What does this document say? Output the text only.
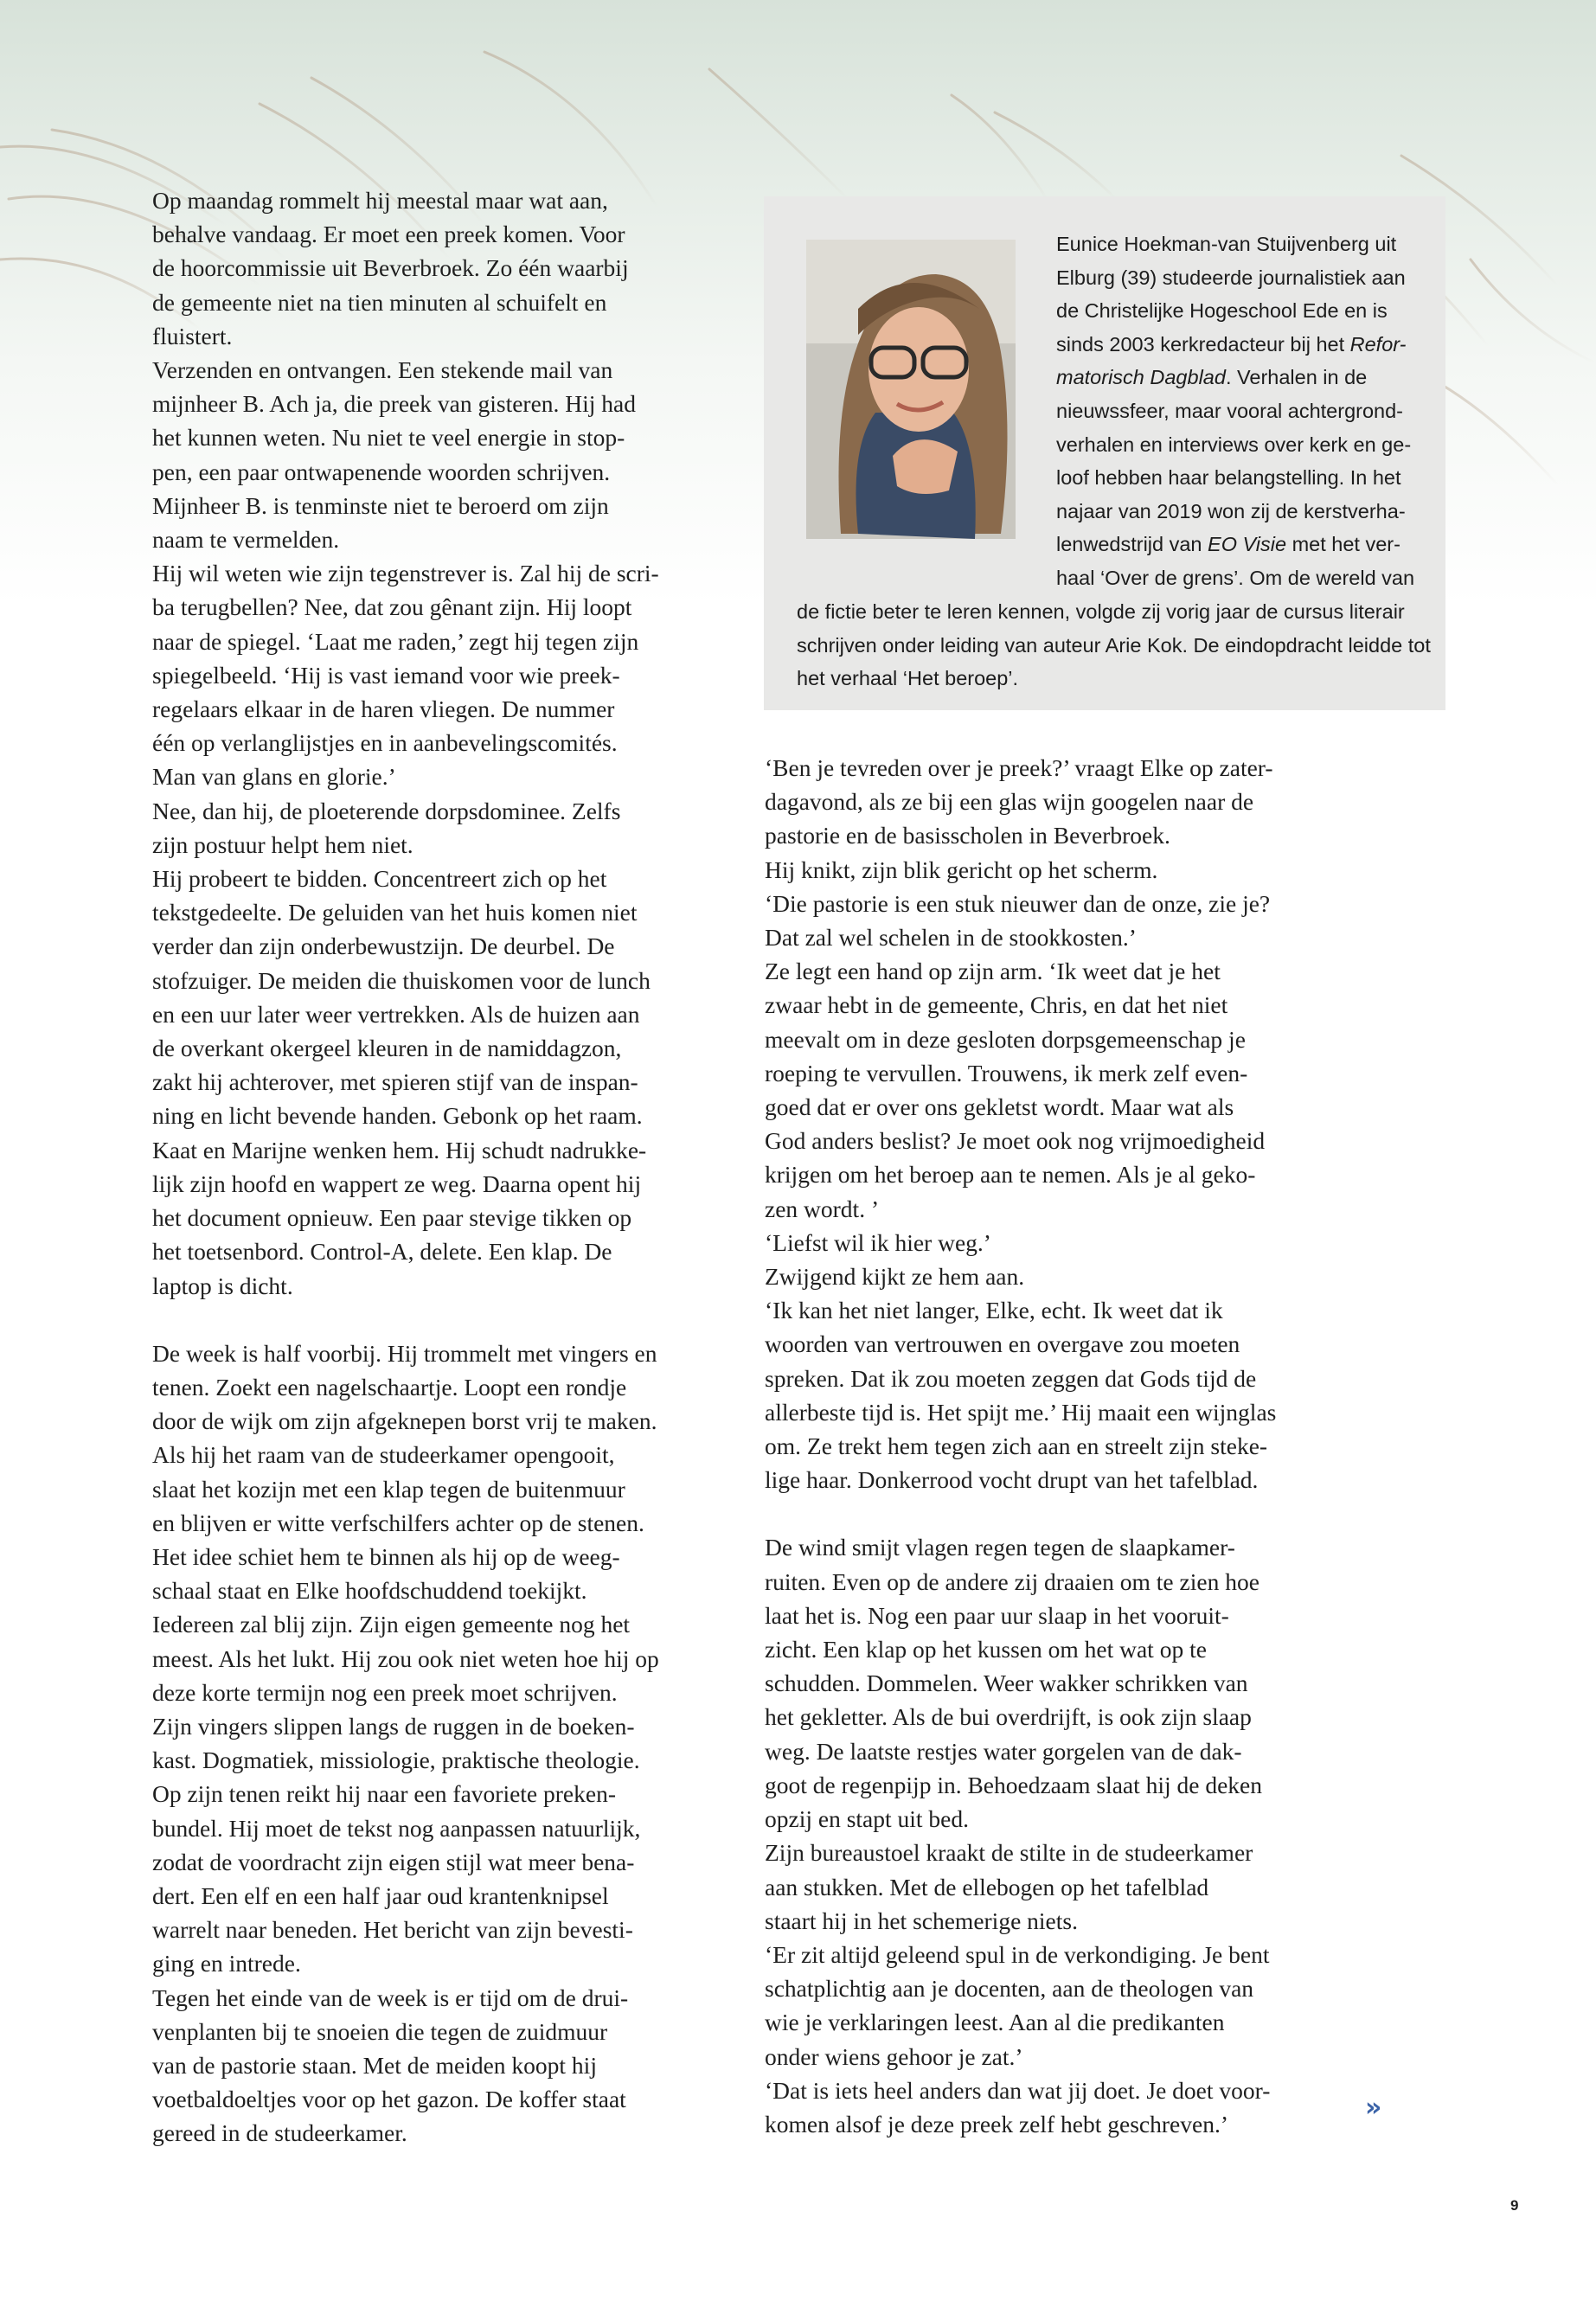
Op maandag rommelt hij meestal maar wat aan,
behalve vandaag. Er moet een preek komen. Voor
de hoorcommissie uit Beverbroek. Zo één waarbij
de gemeente niet na tien minuten al schuifelt en
fluistert.
Verzenden en ontvangen. Een stekende mail van
mijnheer B. Ach ja, die preek van gisteren. Hij had
het kunnen weten. Nu niet te veel energie in stop-
pen, een paar ontwapenende woorden schrijven.
Mijnheer B. is tenminste niet te beroerd om zijn
naam te vermelden.
Hij wil weten wie zijn tegenstrever is. Zal hij de scri-
ba terugbellen? Nee, dat zou gênant zijn. Hij loopt
naar de spiegel. ‘Laat me raden,’ zegt hij tegen zijn
spiegelbeeld. ‘Hij is vast iemand voor wie preek-
regelaars elkaar in de haren vliegen. De nummer
één op verlanglijstjes en in aanbevelingscomités.
Man van glans en glorie.’
Nee, dan hij, de ploeterende dorpsdominee. Zelfs
zijn postuur helpt hem niet.
Hij probeert te bidden. Concentreert zich op het
tekstgedeelte. De geluiden van het huis komen niet
verder dan zijn onderbewustzijn. De deurbel. De
stofzuiger. De meiden die thuiskomen voor de lunch
en een uur later weer vertrekken. Als de huizen aan
de overkant okergeel kleuren in de namiddagzon,
zakt hij achterover, met spieren stijf van de inspan-
ning en licht bevende handen. Gebonk op het raam.
Kaat en Marijne wenken hem. Hij schudt nadrukke-
lijk zijn hoofd en wappert ze weg. Daarna opent hij
het document opnieuw. Een paar stevige tikken op
het toetsenbord. Control-A, delete. Een klap. De
laptop is dicht.
De week is half voorbij. Hij trommelt met vingers en
tenen. Zoekt een nagelschaartje. Loopt een rondje
door de wijk om zijn afgeknepen borst vrij te maken.
Als hij het raam van de studeerkamer opengooit,
slaat het kozijn met een klap tegen de buitenmuur
en blijven er witte verfschilfers achter op de stenen.
Het idee schiet hem te binnen als hij op de weeg-
schaal staat en Elke hoofdschuddend toekijkt.
Iedereen zal blij zijn. Zijn eigen gemeente nog het
meest. Als het lukt. Hij zou ook niet weten hoe hij op
deze korte termijn nog een preek moet schrijven.
Zijn vingers slippen langs de ruggen in de boeken-
kast. Dogmatiek, missiologie, praktische theologie.
Op zijn tenen reikt hij naar een favoriete preken-
bundel. Hij moet de tekst nog aanpassen natuurlijk,
zodat de voordracht zijn eigen stijl wat meer bena-
dert. Een elf en een half jaar oud krantenknipsel
warrelt naar beneden. Het bericht van zijn bevesti-
ging en intrede.
Tegen het einde van de week is er tijd om de drui-
venplanten bij te snoeien die tegen de zuidmuur
van de pastorie staan. Met de meiden koopt hij
voetbaldoeltjes voor op het gazon. De koffer staat
gereed in de studeerkamer.
Eunice Hoekman-van Stuijvenberg uit
Elburg (39) studeerde journalistiek aan
de Christelijke Hogeschool Ede en is
sinds 2003 kerkredacteur bij het Refor-
matorisch Dagblad. Verhalen in de
nieuwssfeer, maar vooral achtergrond-
verhalen en interviews over kerk en ge-
loof hebben haar belangstelling. In het
najaar van 2019 won zij de kerstverha-
lenwedstrijd van EO Visie met het ver-
haal ‘Over de grens’. Om de wereld van
de fictie beter te leren kennen, volgde zij vorig jaar de cursus literair
schrijven onder leiding van auteur Arie Kok. De eindopdracht leidde tot
het verhaal ‘Het beroep’.
‘Ben je tevreden over je preek?’ vraagt Elke op zater-
dagavond, als ze bij een glas wijn googelen naar de
pastorie en de basisscholen in Beverbroek.
Hij knikt, zijn blik gericht op het scherm.
‘Die pastorie is een stuk nieuwer dan de onze, zie je?
Dat zal wel schelen in de stookkosten.’
Ze legt een hand op zijn arm. ‘Ik weet dat je het
zwaar hebt in de gemeente, Chris, en dat het niet
meevalt om in deze gesloten dorpsgemeenschap je
roeping te vervullen. Trouwens, ik merk zelf even-
goed dat er over ons gekletst wordt. Maar wat als
God anders beslist? Je moet ook nog vrijmoedigheid
krijgen om het beroep aan te nemen. Als je al geko-
zen wordt. ’
‘Liefst wil ik hier weg.’
Zwijgend kijkt ze hem aan.
‘Ik kan het niet langer, Elke, echt. Ik weet dat ik
woorden van vertrouwen en overgave zou moeten
spreken. Dat ik zou moeten zeggen dat Gods tijd de
allerbeste tijd is. Het spijt me.’ Hij maait een wijnglas
om. Ze trekt hem tegen zich aan en streelt zijn steke-
lige haar. Donkerrood vocht drupt van het tafelblad.
De wind smijt vlagen regen tegen de slaapkamer-
ruiten. Even op de andere zij draaien om te zien hoe
laat het is. Nog een paar uur slaap in het vooruit-
zicht. Een klap op het kussen om het wat op te
schudden. Dommelen. Weer wakker schrikken van
het gekletter. Als de bui overdrijft, is ook zijn slaap
weg. De laatste restjes water gorgelen van de dak-
goot de regenpijp in. Behoedzaam slaat hij de deken
opzij en stapt uit bed.
Zijn bureaustoel kraakt de stilte in de studeerkamer
aan stukken. Met de ellebogen op het tafelblad
staart hij in het schemerige niets.
‘Er zit altijd geleend spul in de verkondiging. Je bent
schatplichtig aan je docenten, aan de theologen van
wie je verklaringen leest. Aan al die predikanten
onder wiens gehoor je zat.’
‘Dat is iets heel anders dan wat jij doet. Je doet voor-
komen alsof je deze preek zelf hebt geschreven.’
»
9
